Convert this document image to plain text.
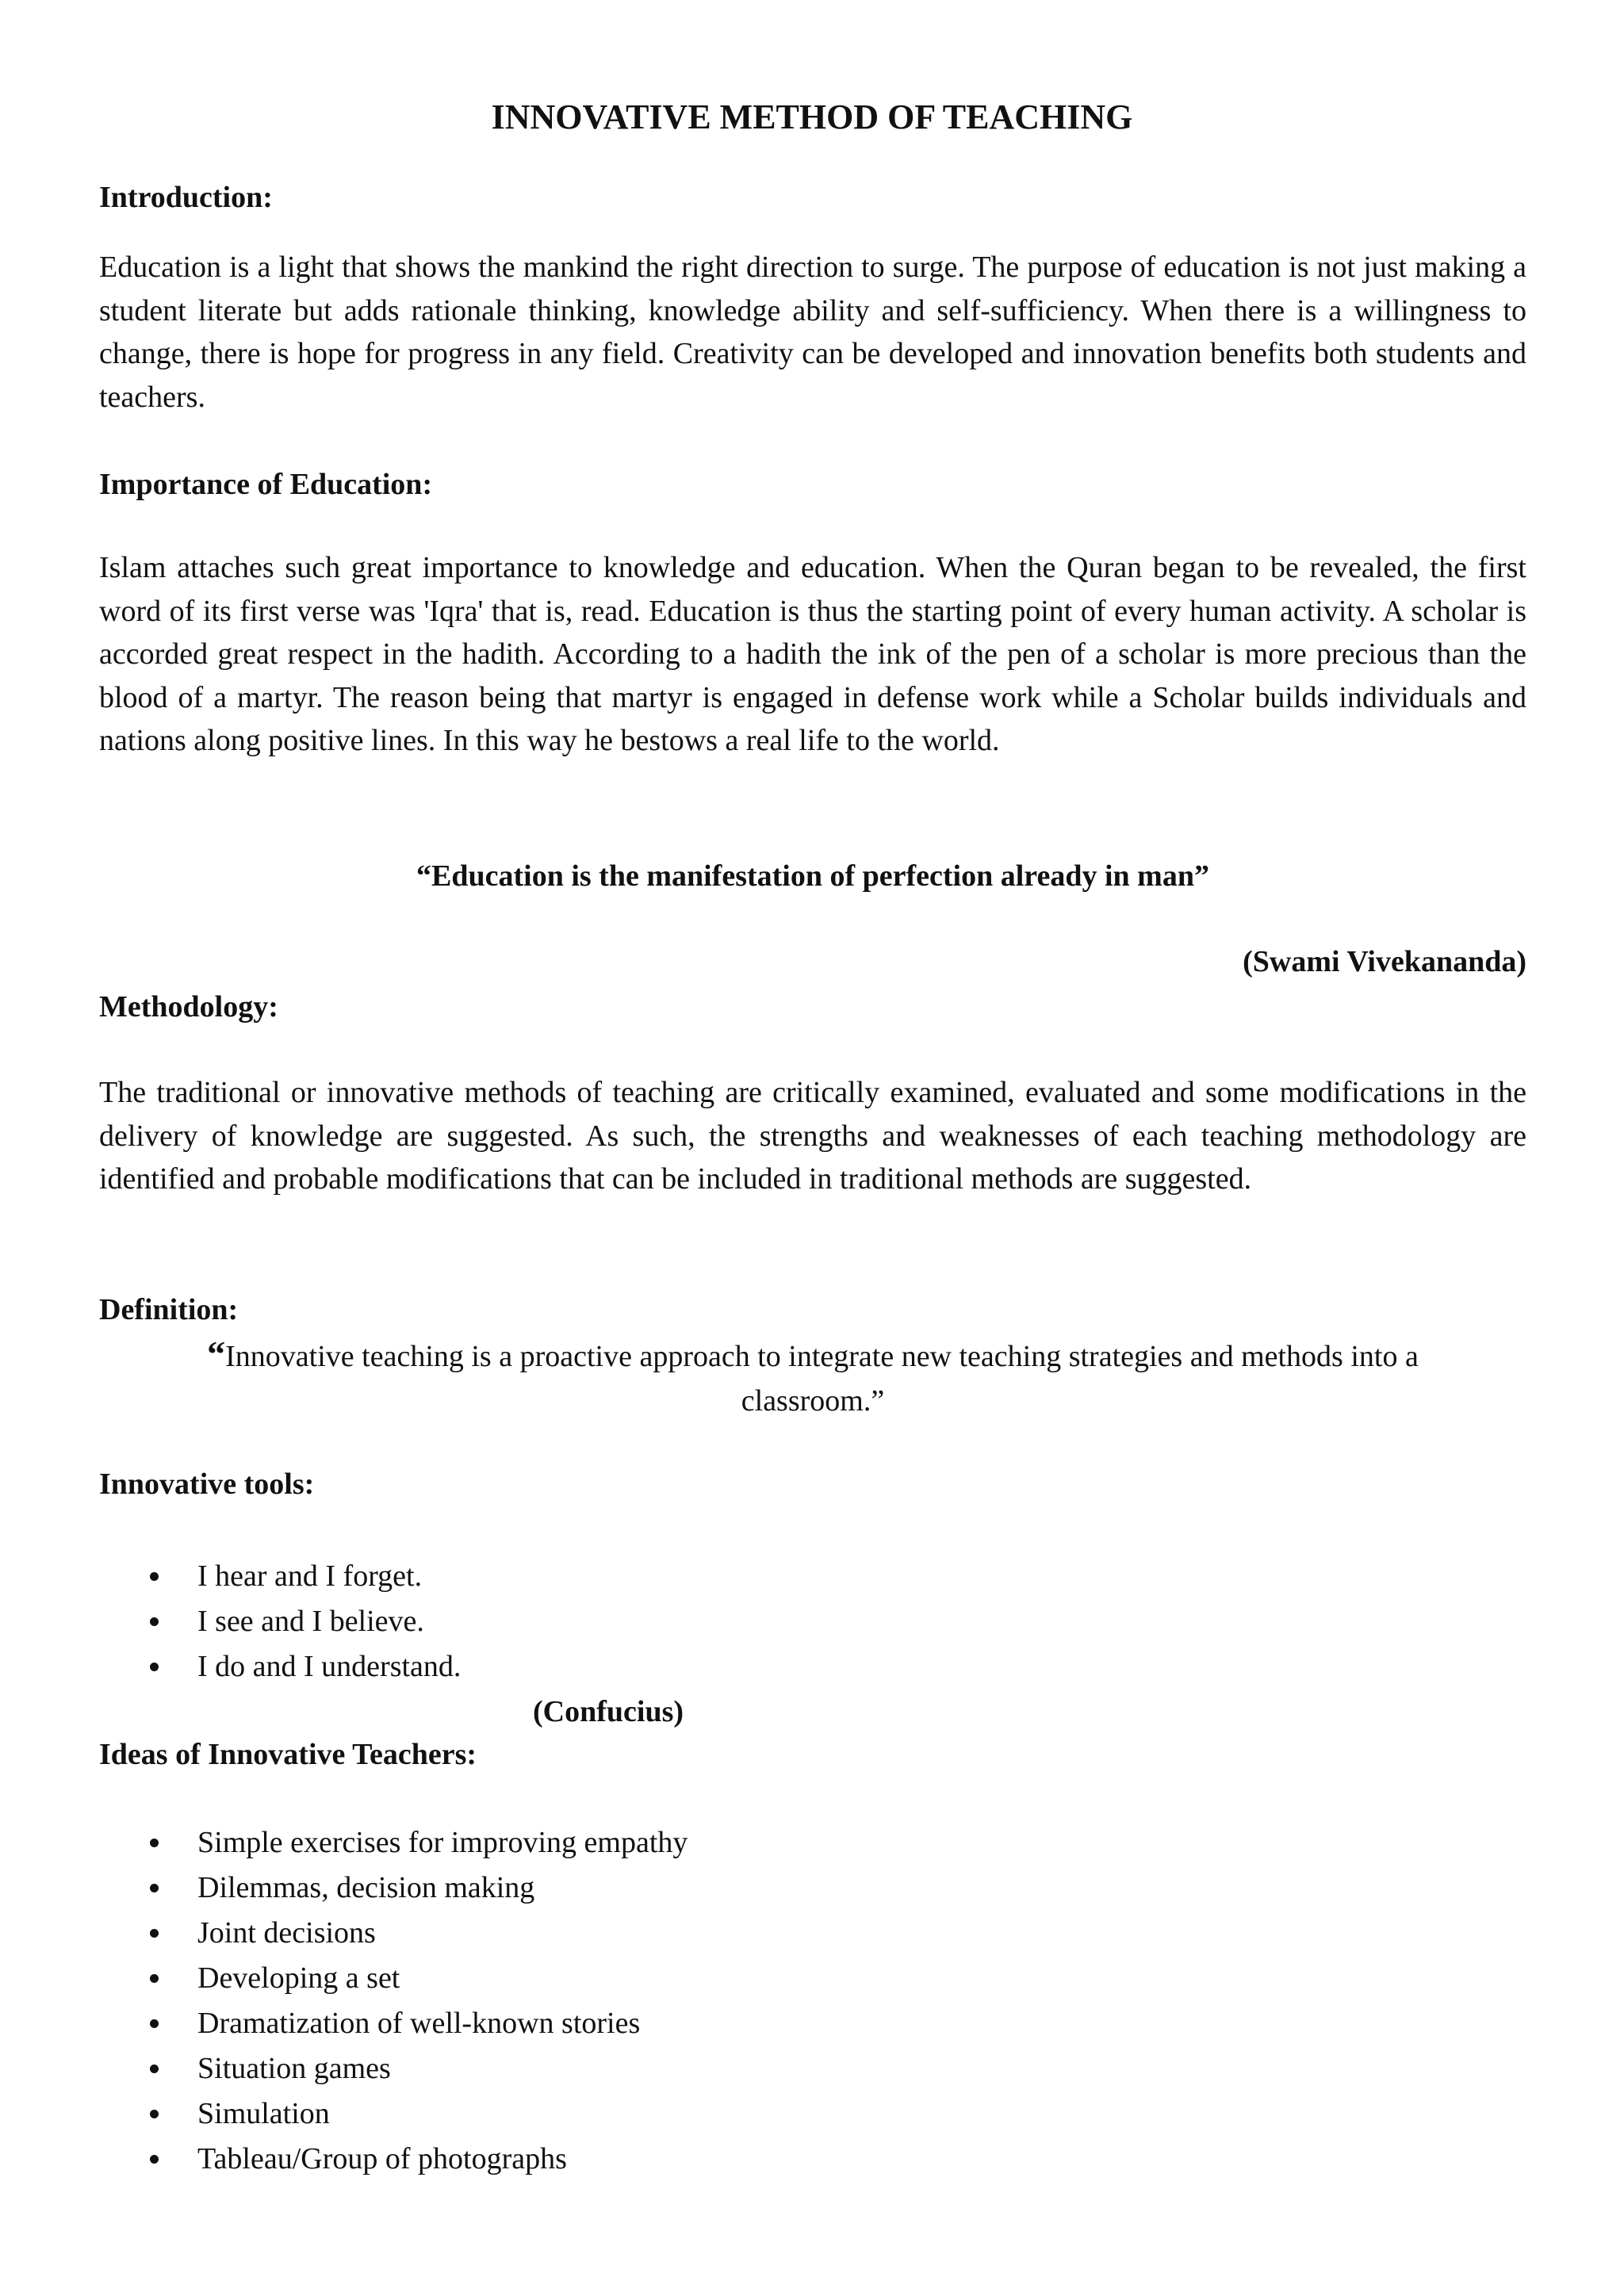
INNOVATIVE METHOD OF TEACHING
Introduction:
Education is a light that shows the mankind the right direction to surge. The purpose of education is not just making a student literate but adds rationale thinking, knowledge ability and self-sufficiency. When there is a willingness to change, there is hope for progress in any field. Creativity can be developed and innovation benefits both students and teachers.
Importance of Education:
Islam attaches such great importance to knowledge and education. When the Quran began to be revealed, the first word of its first verse was 'Iqra' that is, read. Education is thus the starting point of every human activity. A scholar is accorded great respect in the hadith. According to a hadith the ink of the pen of a scholar is more precious than the blood of a martyr. The reason being that martyr is engaged in defense work while a Scholar builds individuals and nations along positive lines. In this way he bestows a real life to the world.
“Education is the manifestation of perfection already in man”
(Swami Vivekananda)
Methodology:
The traditional or innovative methods of teaching are critically examined, evaluated and some modifications in the delivery of knowledge are suggested. As such, the strengths and weaknesses of each teaching methodology are identified and probable modifications that can be included in traditional methods are suggested.
Definition:
“Innovative teaching is a proactive approach to integrate new teaching strategies and methods into a classroom.”
Innovative tools:
I hear and I forget.
I see and I believe.
I do and I understand.
(Confucius)
Ideas of Innovative Teachers:
Simple exercises for improving empathy
Dilemmas, decision making
Joint decisions
Developing a set
Dramatization of well-known stories
Situation games
Simulation
Tableau/Group of photographs
